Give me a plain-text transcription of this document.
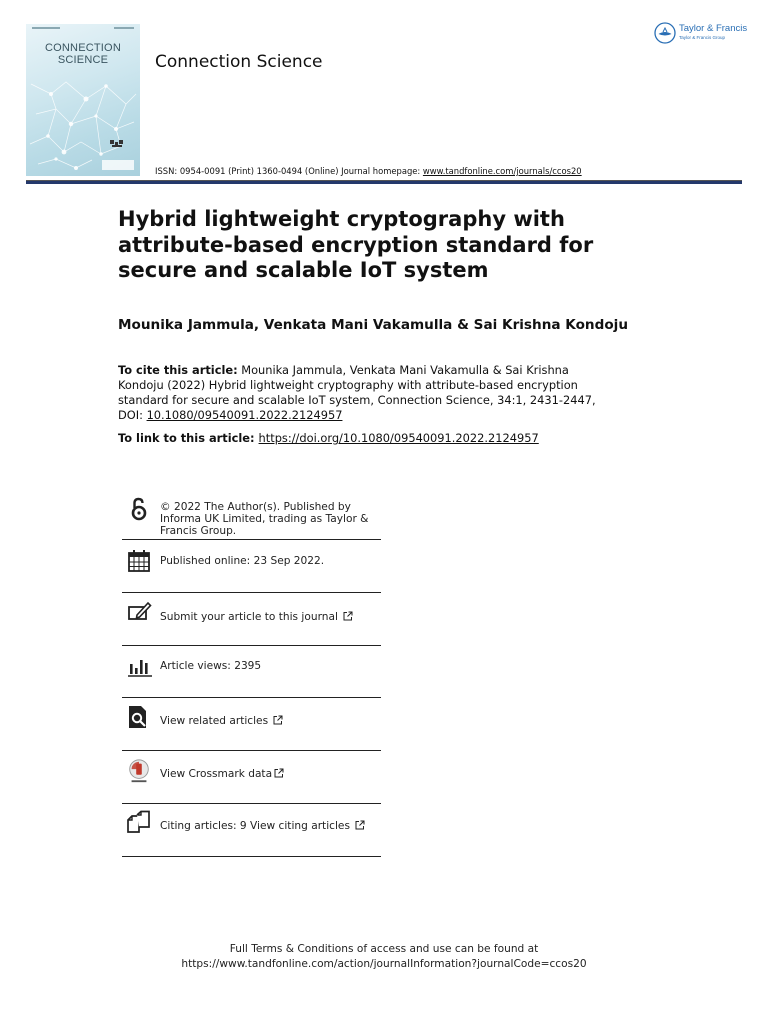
CONNECTION
SCIENCE	Connection Science
ISSN: 0954-0091 (Print) 1360-0494 (Online) Journal homepage: www.tandfonline.com/journals/ccos20
Taylor & Francis
Taylor & Francis Group
Hybrid lightweight cryptography with attribute-based encryption standard for secure and scalable IoT system
Mounika Jammula, Venkata Mani Vakamulla & Sai Krishna Kondoju
To cite this article: Mounika Jammula, Venkata Mani Vakamulla & Sai Krishna Kondoju (2022) Hybrid lightweight cryptography with attribute-based encryption standard for secure and scalable IoT system, Connection Science, 34:1, 2431-2447, DOI: 10.1080/09540091.2022.2124957
To link to this article: https://doi.org/10.1080/09540091.2022.2124957
© 2022 The Author(s). Published by Informa UK Limited, trading as Taylor & Francis Group.
Published online: 23 Sep 2022.
Submit your article to this journal
Article views: 2395
View related articles
View Crossmark data
Citing articles: 9 View citing articles
Full Terms & Conditions of access and use can be found at
https://www.tandfonline.com/action/journalInformation?journalCode=ccos20
